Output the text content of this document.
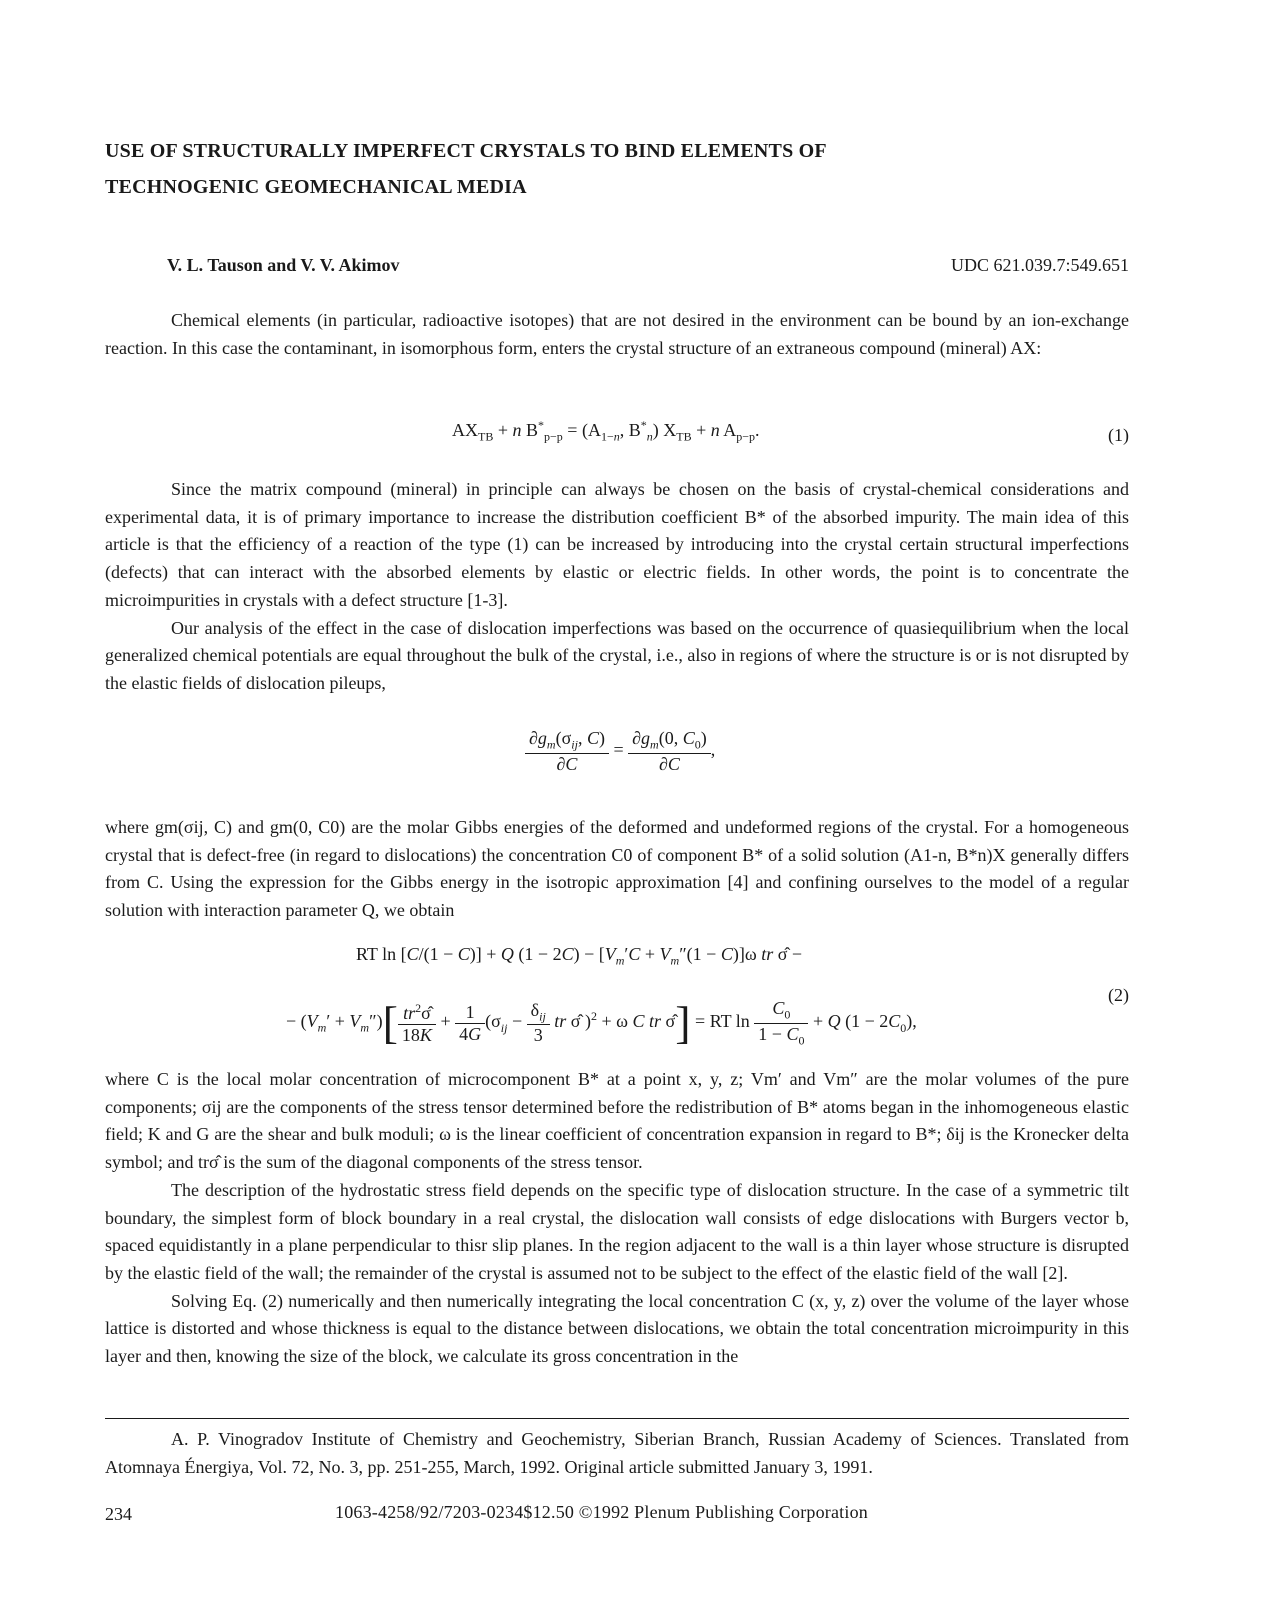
USE OF STRUCTURALLY IMPERFECT CRYSTALS TO BIND ELEMENTS OF
TECHNOGENIC GEOMECHANICAL MEDIA
V. L. Tauson and V. V. Akimov	UDC 621.039.7:549.651

Chemical elements (in particular, radioactive isotopes) that are not desired in the environment can be bound by an ion-exchange reaction. In this case the contaminant, in isomorphous form, enters the crystal structure of an extraneous compound (mineral) AX:

$AX_{TB} + n$ $B^*_{p-p} = (A_{1-n}$, $B^*_n$) $X_{TB} + n$ $A_{p-p}$.	(1)

Since the matrix compound (mineral) in principle can always be chosen on the basis of crystal-chemical considerations and experimental data, it is of primary importance to increase the distribution coefficient B* of the absorbed impurity. The main idea of this article is that the efficiency of a reaction of the type (1) can be increased by introducing into the crystal certain structural imperfections (defects) that can interact with the absorbed elements by elastic or electric fields. In other words, the point is to concentrate the microimpurities in crystals with a defect structure [1-3].

Our analysis of the effect in the case of dislocation imperfections was based on the occurrence of quasiequilibrium when the local generalized chemical potentials are equal throughout the bulk of the crystal, i.e., also in regions of where the structure is or is not disrupted by the elastic fields of dislocation pileups,

$\frac{\partial g_m(\sigma_{ij}, C)}{\partial C} = \frac{\partial g_m(0, C_0)}{\partial C}$ ,

where gm(σij, C) and gm(0, C0) are the molar Gibbs energies of the deformed and undeformed regions of the crystal. For a homogeneous crystal that is defect-free (in regard to dislocations) the concentration C0 of component B* of a solid solution (A1-n, B*n)X generally differs from C. Using the expression for the Gibbs energy in the isotropic approximation [4] and confining ourselves to the model of a regular solution with interaction parameter Q, we obtain

RT ln [C/(1 − C)] + Q $(1 - 2C) - [V_m'C + V_m''(1 - C)]\omega$ tr σ̂ −
− $(V_m' + V_m'')[ \frac{tr^2\sigmâ}{18K} + \frac{1}{4G} (\sigma_{ij} - \frac{\delta_{ij}}{3}$ tr σ̂ )$^2$ + ω C tr σ̂] = RT $\ln \frac{C_0}{1 - C_0} + Q$ $(1 - 2C_0)$,
(2)

where C is the local molar concentration of microcomponent B* at a point x, y, z; Vm′ and Vm″ are the molar volumes of the pure components; σij are the components of the stress tensor determined before the redistribution of B* atoms began in the inhomogeneous elastic field; K and G are the shear and bulk moduli; ω is the linear coefficient of concentration expansion in regard to B*; δij is the Kronecker delta symbol; and trσ̂ is the sum of the diagonal components of the stress tensor.

The description of the hydrostatic stress field depends on the specific type of dislocation structure. In the case of a symmetric tilt boundary, the simplest form of block boundary in a real crystal, the dislocation wall consists of edge dislocations with Burgers vector b, spaced equidistantly in a plane perpendicular to thisr slip planes. In the region adjacent to the wall is a thin layer whose structure is disrupted by the elastic field of the wall; the remainder of the crystal is assumed not to be subject to the effect of the elastic field of the wall [2].

Solving Eq. (2) numerically and then numerically integrating the local concentration C (x, y, z) over the volume of the layer whose lattice is distorted and whose thickness is equal to the distance between dislocations, we obtain the total concentration microimpurity in this layer and then, knowing the size of the block, we calculate its gross concentration in the

A. P. Vinogradov Institute of Chemistry and Geochemistry, Siberian Branch, Russian Academy of Sciences. Translated from Atomnaya Énergiya, Vol. 72, No. 3, pp. 251-255, March, 1992. Original article submitted January 3, 1991.

234	1063-4258/92/7203-0234$12.50 ©1992 Plenum Publishing Corporation
